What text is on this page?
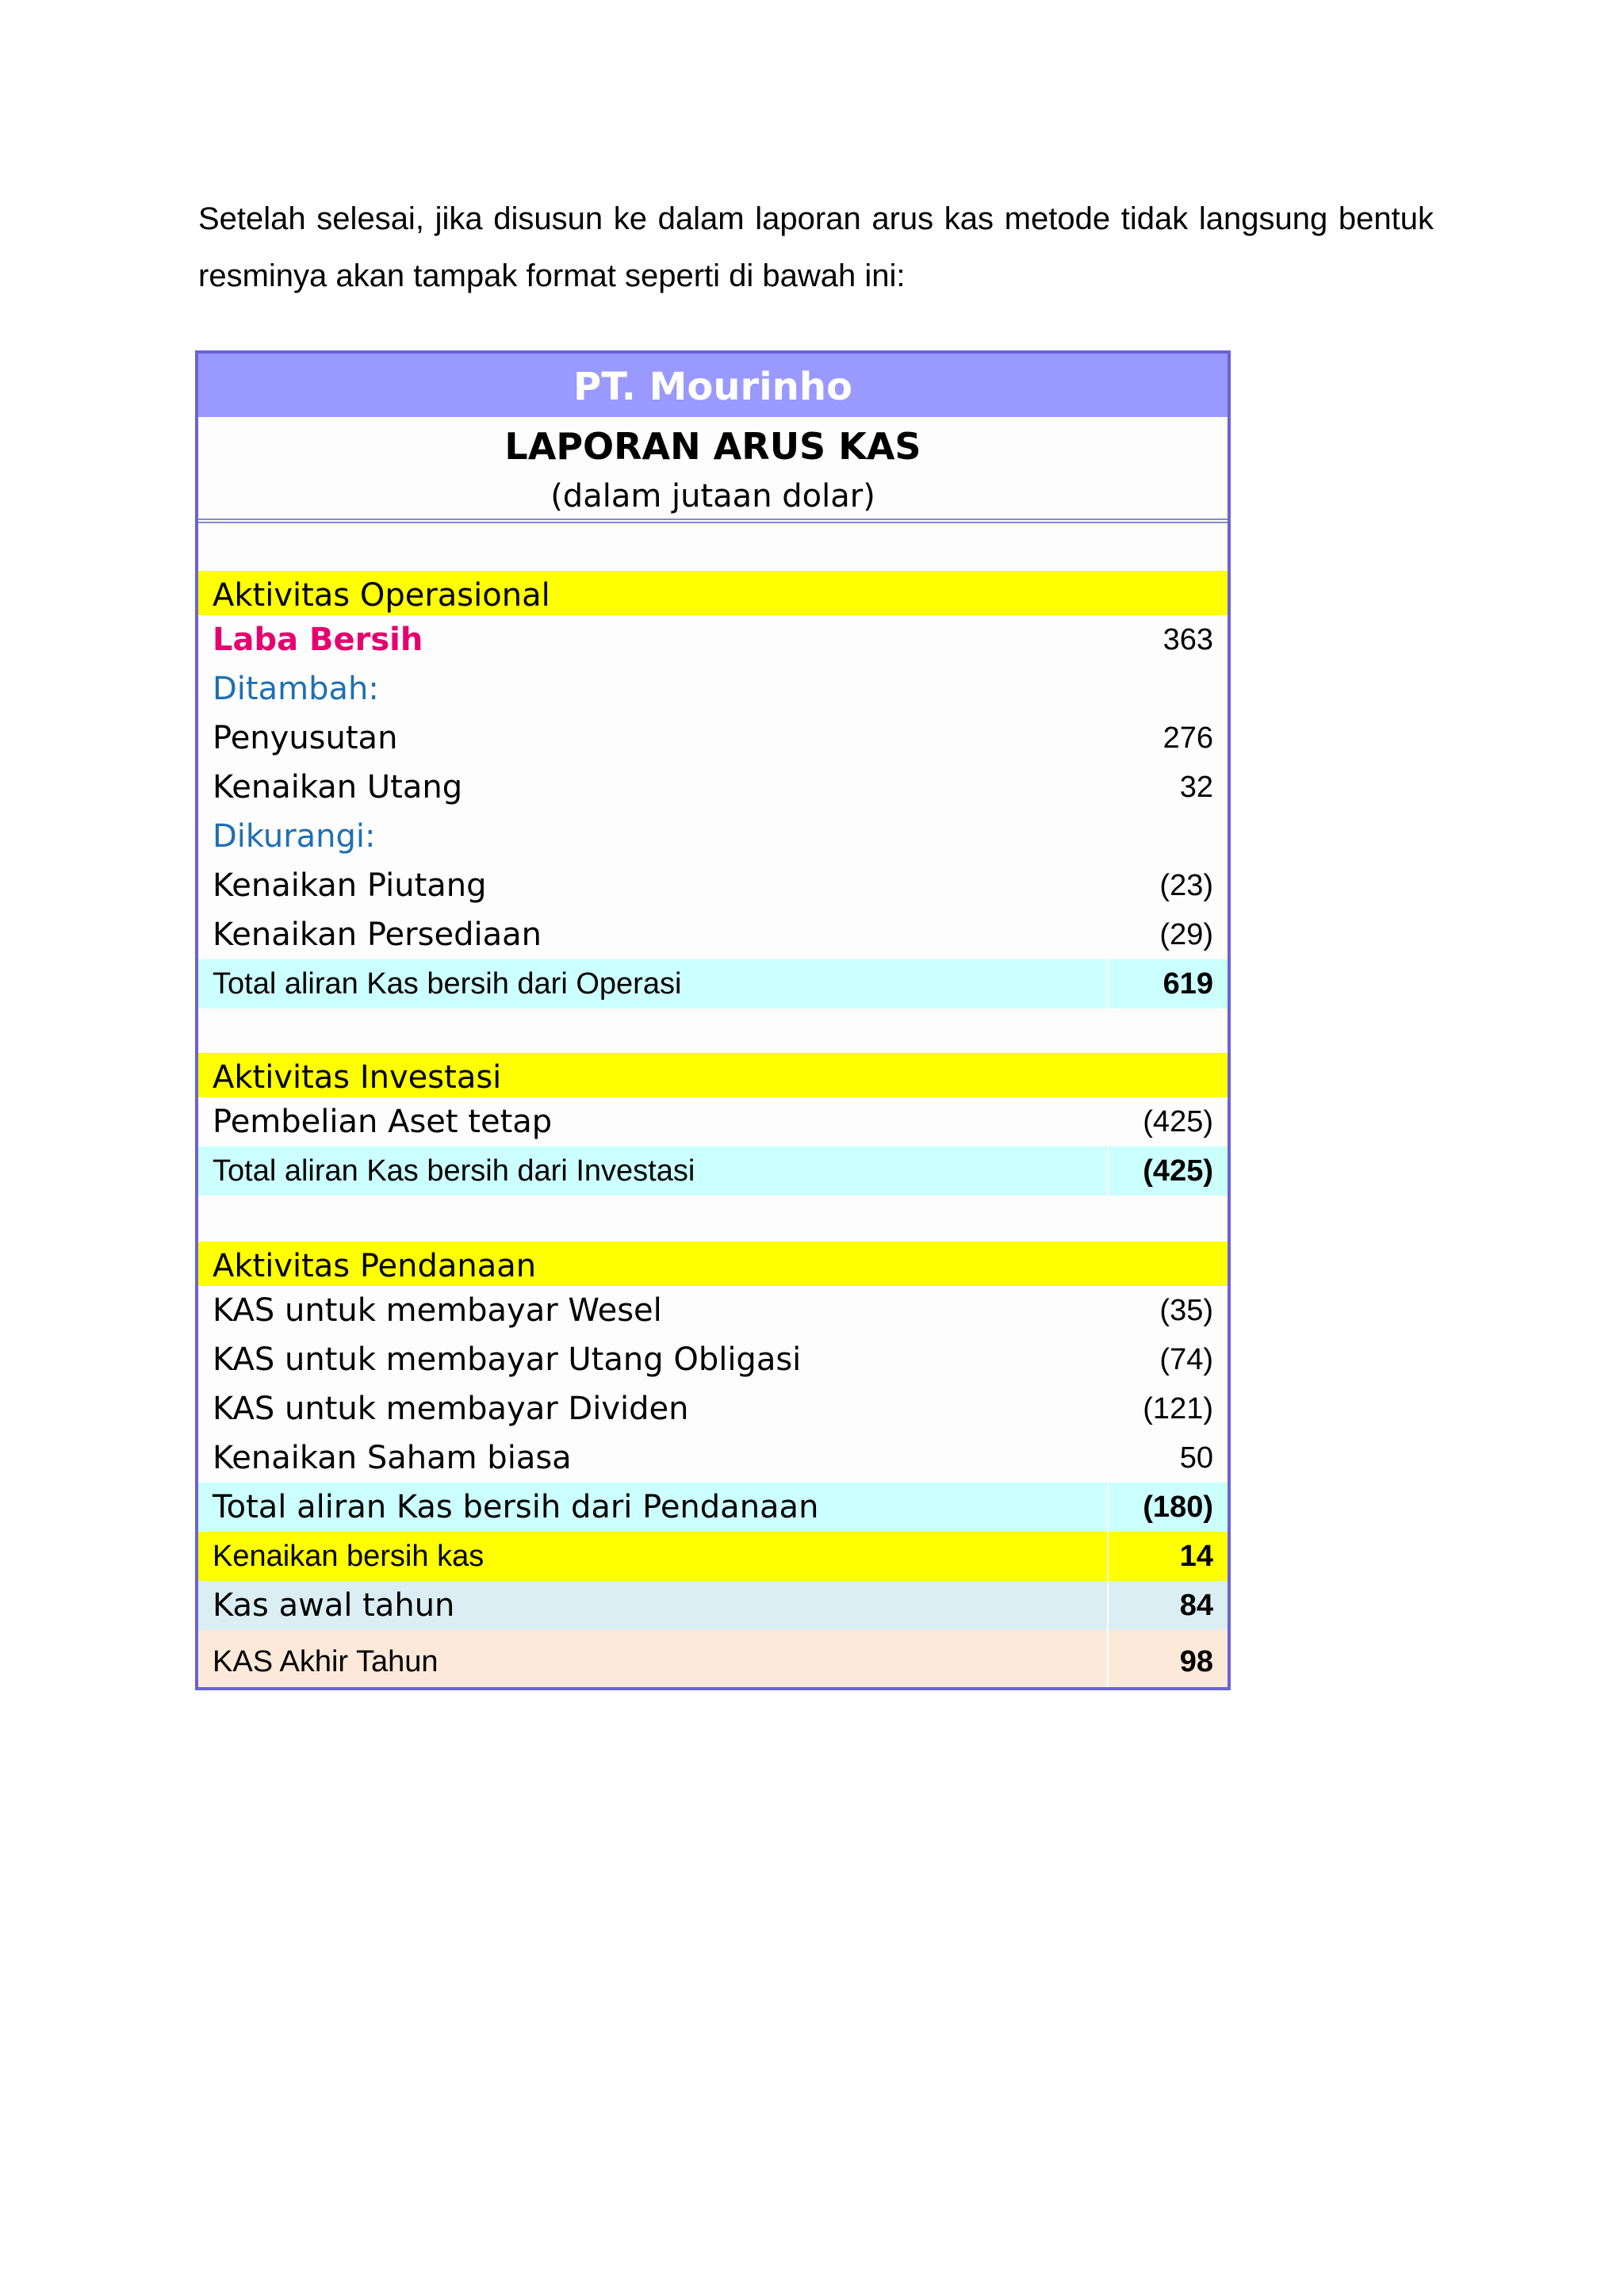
Setelah selesai, jika disusun ke dalam laporan arus kas metode tidak langsung bentuk resminya akan tampak format seperti di bawah ini:

PT. Mourinho
LAPORAN ARUS KAS
(dalam jutaan dolar)
Aktivitas Operasional
Laba Bersih	363
Ditambah:
Penyusutan	276
Kenaikan Utang	32
Dikurangi:
Kenaikan Piutang	(23)
Kenaikan Persediaan	(29)
Total aliran Kas bersih dari Operasi	619
Aktivitas Investasi
Pembelian Aset tetap	(425)
Total aliran Kas bersih dari Investasi	(425)
Aktivitas Pendanaan
KAS untuk membayar Wesel	(35)
KAS untuk membayar Utang Obligasi	(74)
KAS untuk membayar Dividen	(121)
Kenaikan Saham biasa	50
Total aliran Kas bersih dari Pendanaan	(180)
Kenaikan bersih kas	14
Kas awal tahun	84
KAS Akhir Tahun	98
